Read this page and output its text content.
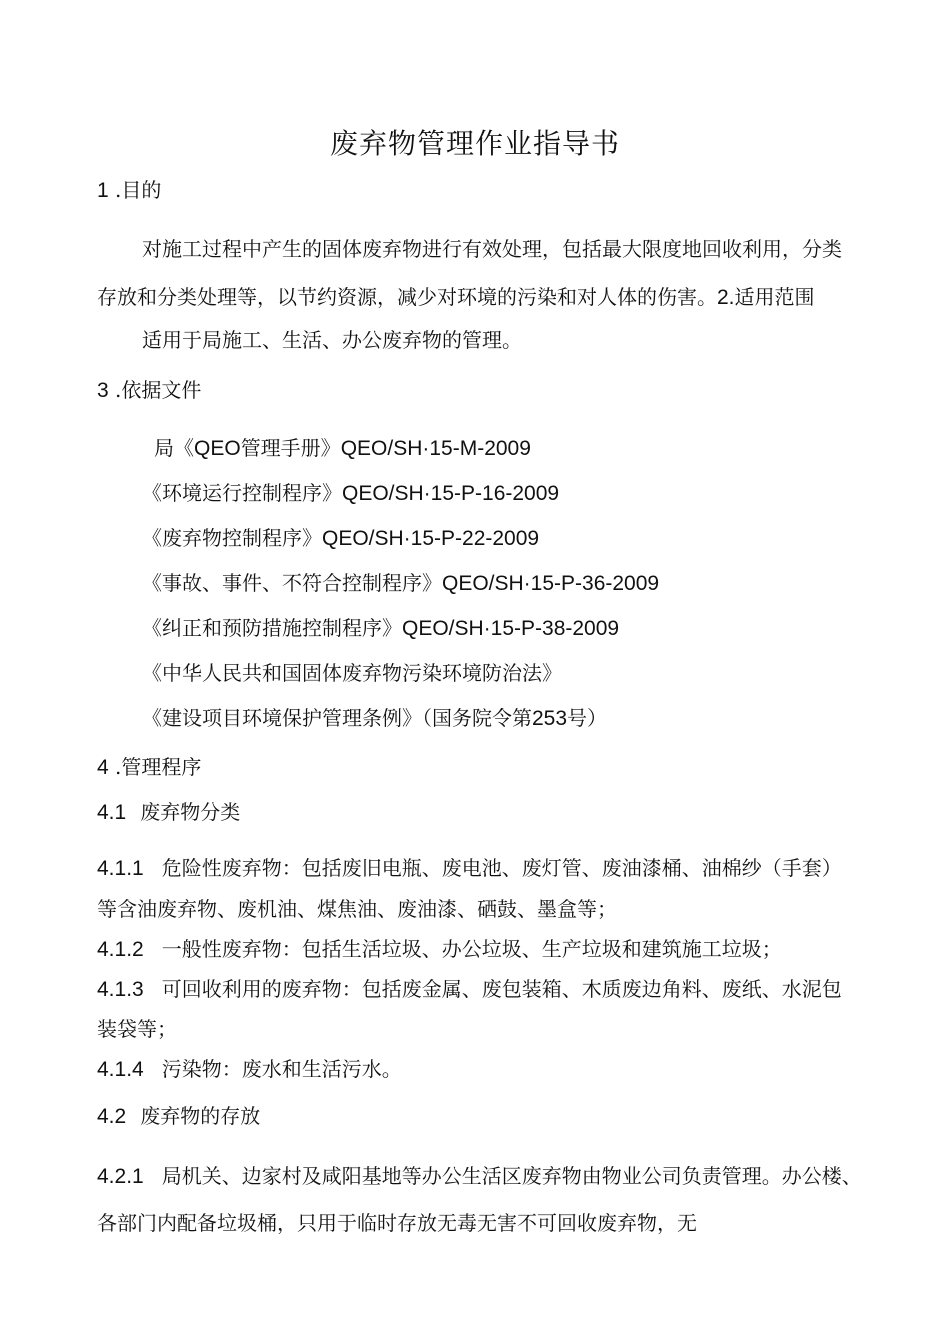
废弃物管理作业指导书
1 .目的
对施工过程中产生的固体废弃物进行有效处理，包括最大限度地回收利用，分类
存放和分类处理等，以节约资源，减少对环境的污染和对人体的伤害。2.适用范围
适用于局施工、生活、办公废弃物的管理。
3 .依据文件
局《QEO管理手册》QEO/SH·15-M-2009
《环境运行控制程序》QEO/SH·15-P-16-2009
《废弃物控制程序》QEO/SH·15-P-22-2009
《事故、事件、不符合控制程序》QEO/SH·15-P-36-2009
《纠正和预防措施控制程序》QEO/SH·15-P-38-2009
《中华人民共和国固体废弃物污染环境防治法》
《建设项目环境保护管理条例》（国务院令第253号）
4 .管理程序
4.1 废弃物分类
4.1.1 危险性废弃物：包括废旧电瓶、废电池、废灯管、废油漆桶、油棉纱（手套）
等含油废弃物、废机油、煤焦油、废油漆、硒鼓、墨盒等；
4.1.2 一般性废弃物：包括生活垃圾、办公垃圾、生产垃圾和建筑施工垃圾；
4.1.3 可回收利用的废弃物：包括废金属、废包装箱、木质废边角料、废纸、水泥包
装袋等；
4.1.4 污染物：废水和生活污水。
4.2 废弃物的存放
4.2.1 局机关、边家村及咸阳基地等办公生活区废弃物由物业公司负责管理。办公楼、
各部门内配备垃圾桶，只用于临时存放无毒无害不可回收废弃物，无
